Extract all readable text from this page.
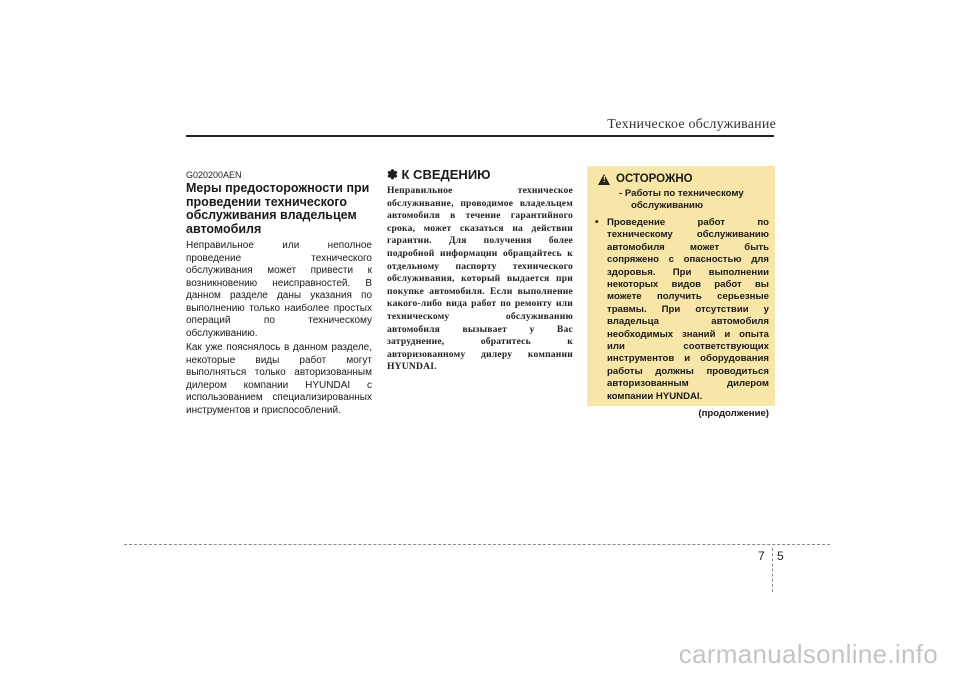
Техническое обслуживание
G020200AEN
Меры предосторожности при проведении технического обслуживания владельцем автомобиля

Неправильное или неполное проведение технического обслуживания может привести к возникновению неисправностей. В данном разделе даны указания по выполнению только наиболее простых операций по техническому обслуживанию.

Как уже пояснялось в данном разделе, некоторые виды работ могут выполняться только авторизованным дилером компании HYUNDAI с использованием специализированных инструментов и приспособлений.

✽ К СВЕДЕНИЮ
Неправильное техническое обслуживание, проводимое владельцем автомобиля в течение гарантийного срока, может сказаться на действии гарантии. Для получения более подробной информации обращайтесь к отдельному паспорту технического обслуживания, который выдается при покупке автомобиля. Если выполнение какого-либо вида работ по ремонту или техническому обслуживанию автомобиля вызывает у Вас затруднение, обратитесь к авторизованному дилеру компании HYUNDAI.
! ОСТОРОЖНО
- Работы по техническому
обслуживанию
• Проведение работ по техническому обслуживанию автомобиля может быть сопряжено с опасностью для здоровья. При выполнении некоторых видов работ вы можете получить серьезные травмы. При отсутствии у владельца автомобиля необходимых знаний и опыта или соответствующих инструментов и оборудования работы должны проводиться авторизованным дилером компании HYUNDAI.
(продолжение)
7 5
carmanualsonline.info
